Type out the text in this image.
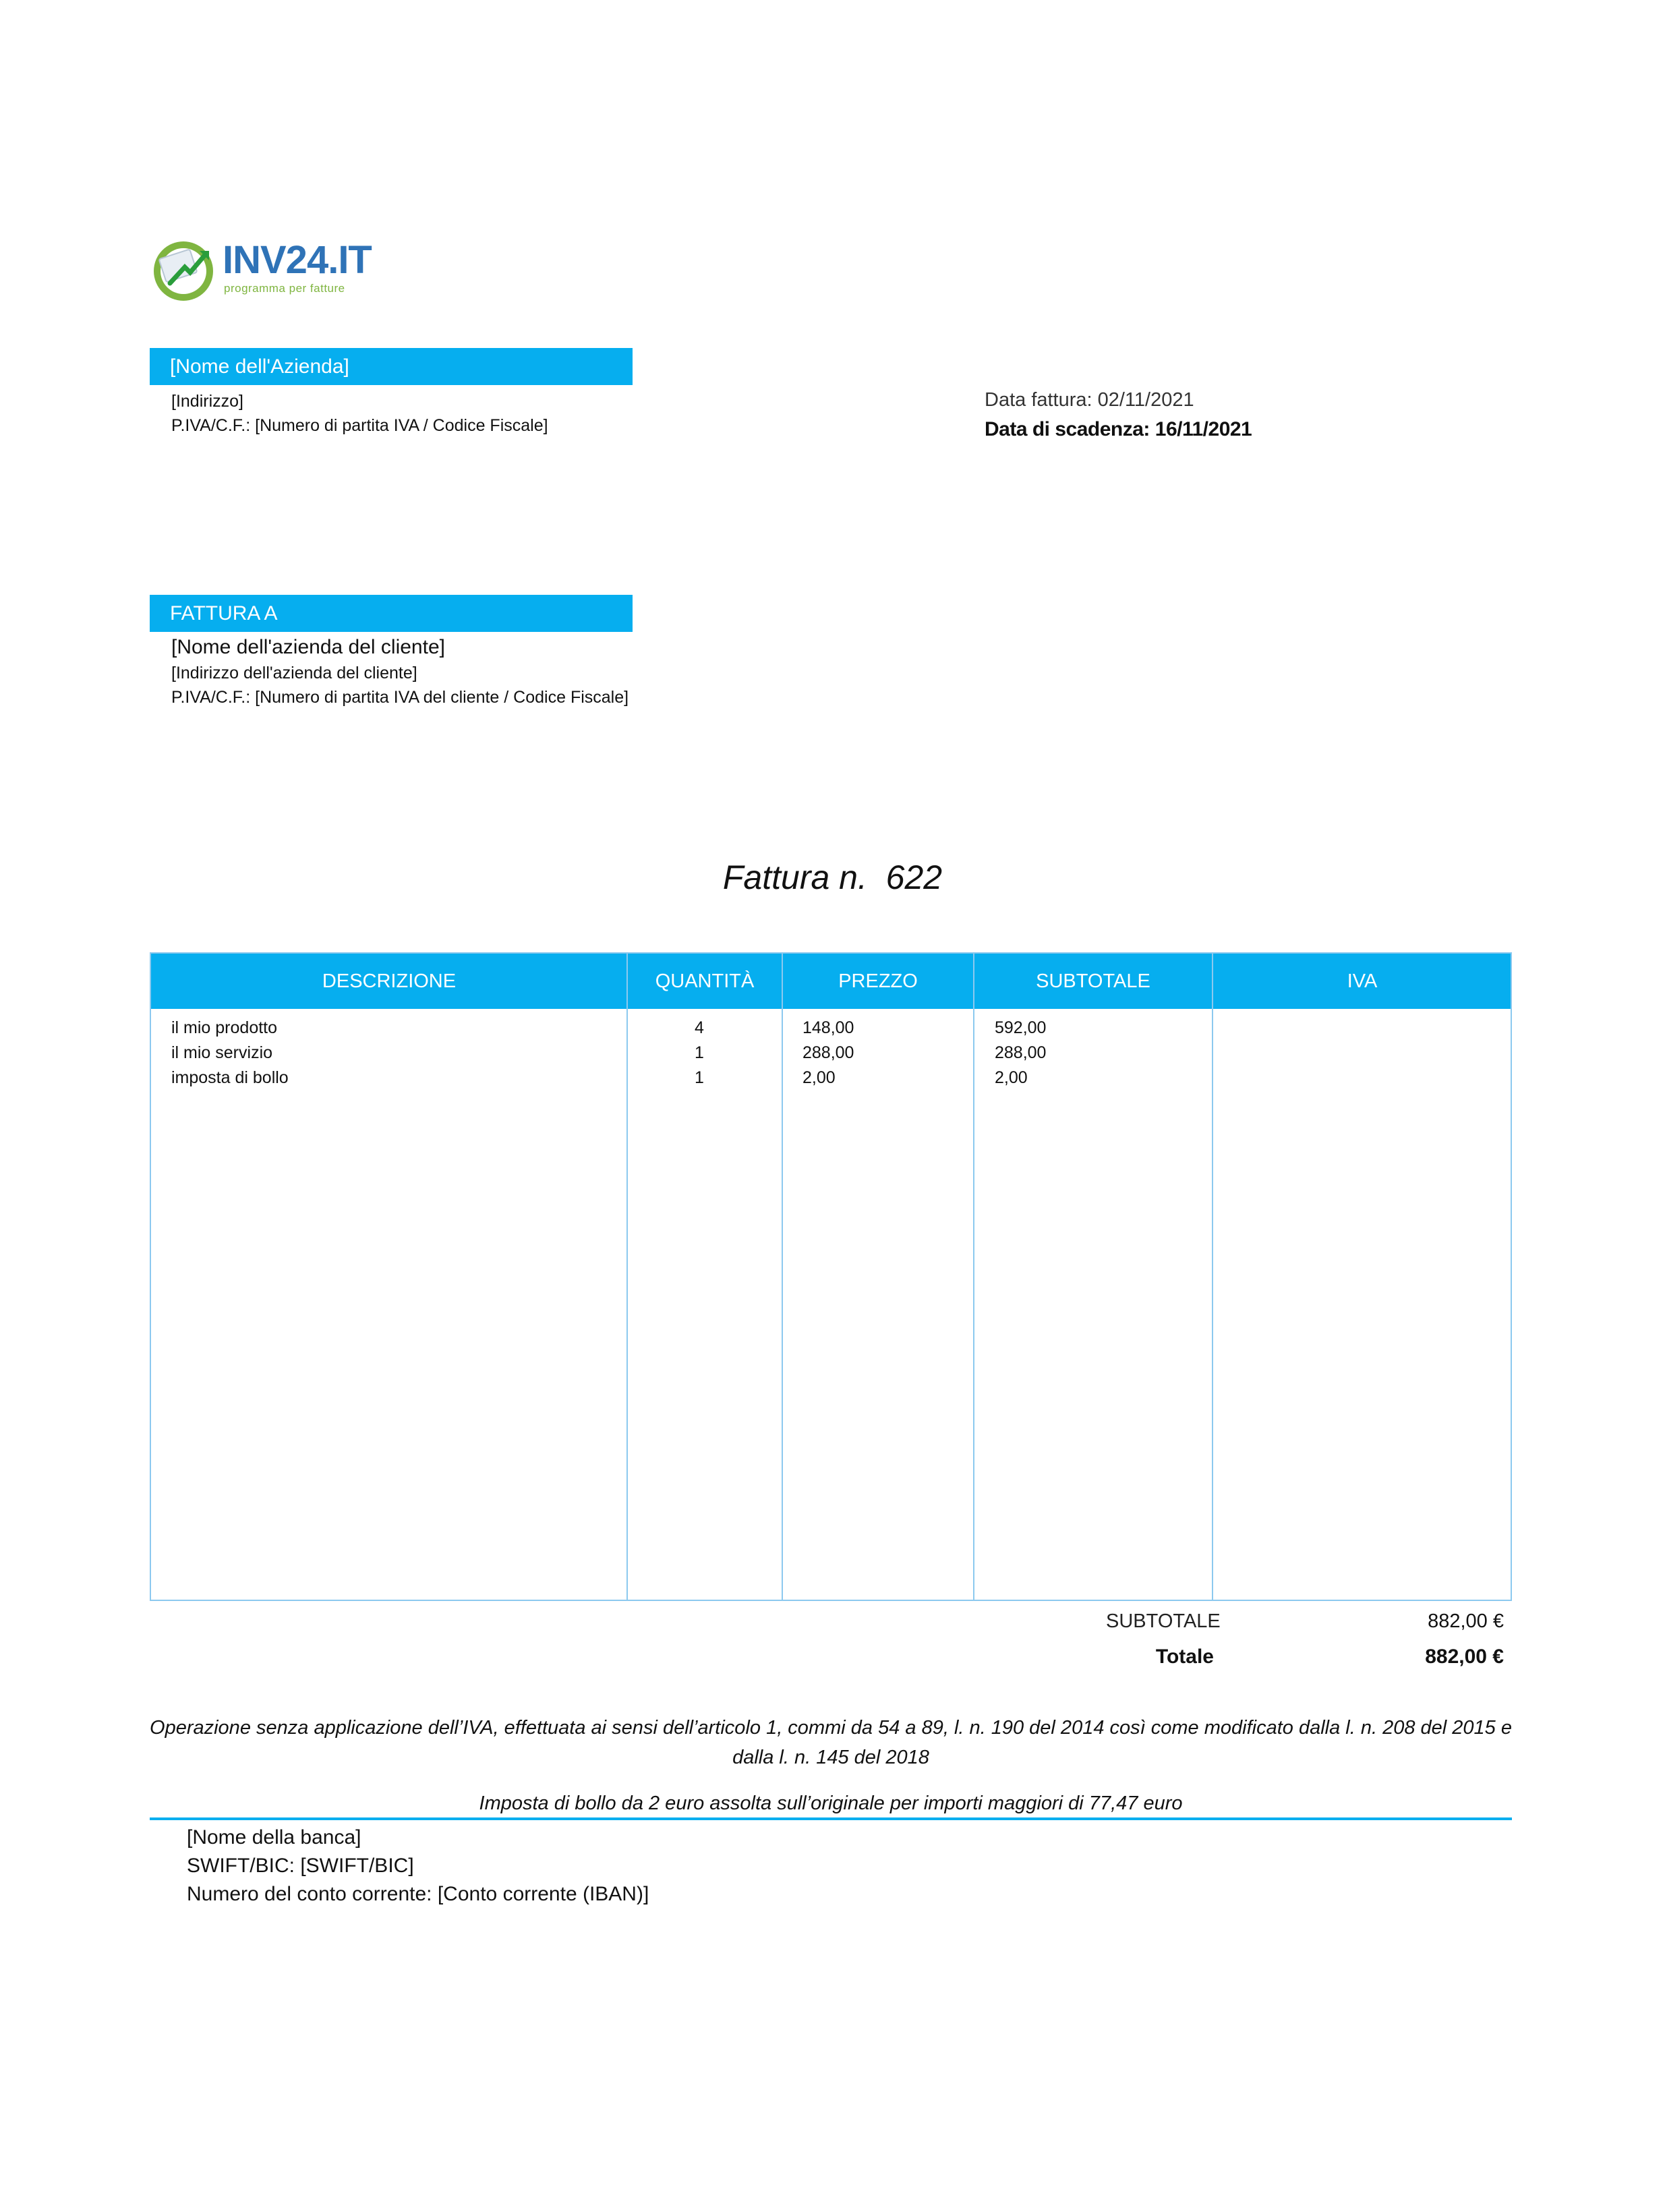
INV24.IT
programma per fatture
[Nome dell'Azienda]
[Indirizzo]
P.IVA/C.F.: [Numero di partita IVA / Codice Fiscale]
Data fattura: 02/11/2021
Data di scadenza: 16/11/2021
FATTURA A
[Nome dell'azienda del cliente]
[Indirizzo dell'azienda del cliente]
P.IVA/C.F.: [Numero di partita IVA del cliente / Codice Fiscale]
Fattura n.  622
DESCRIZIONE	QUANTITÀ	PREZZO	SUBTOTALE	IVA
il mio prodotto	4	148,00	592,00
il mio servizio	1	288,00	288,00
imposta di bollo	1	2,00	2,00
SUBTOTALE	882,00 €
Totale	882,00 €
Operazione senza applicazione dell’IVA, effettuata ai sensi dell’articolo 1, commi da 54 a 89, l. n. 190 del 2014 così come modificato dalla l. n. 208 del 2015 e dalla l. n. 145 del 2018
Imposta di bollo da 2 euro assolta sull’originale per importi maggiori di 77,47 euro
[Nome della banca]
SWIFT/BIC: [SWIFT/BIC]
Numero del conto corrente: [Conto corrente (IBAN)]
